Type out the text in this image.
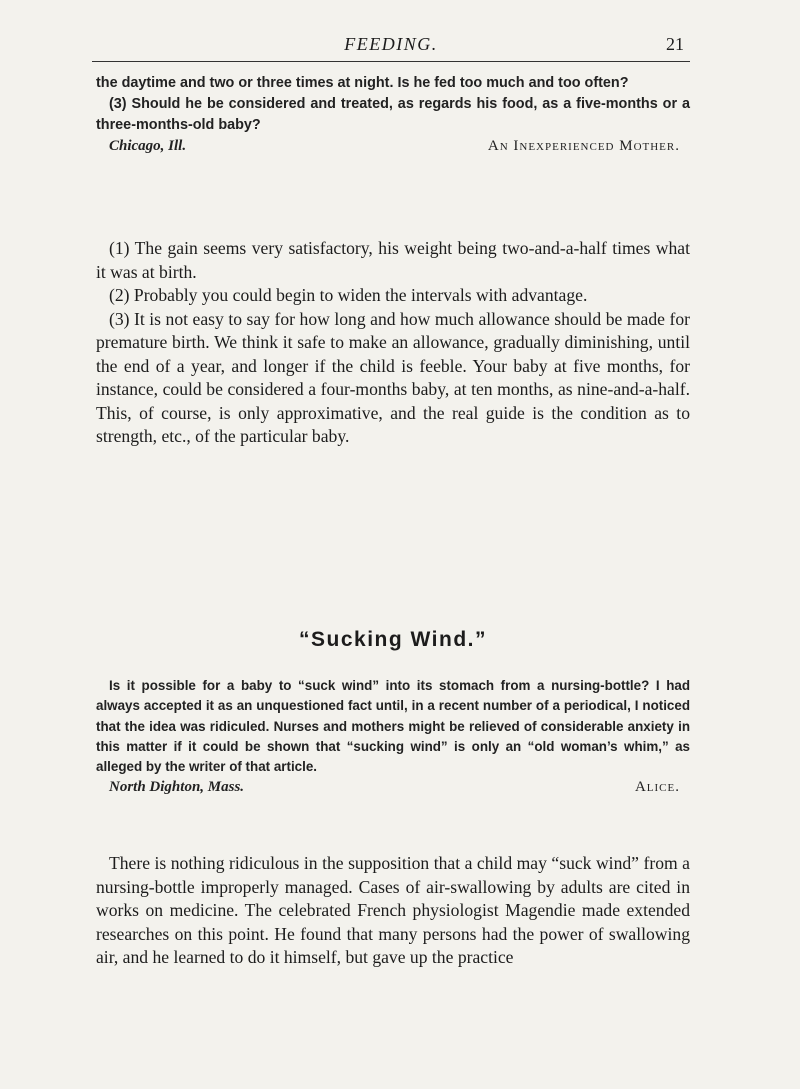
FEEDING.	21

the daytime and two or three times at night. Is he fed too much and too often?

(3) Should he be considered and treated, as regards his food, as a five-months or a three-months-old baby?

Chicago, Ill.	An Inexperienced Mother.

(1) The gain seems very satisfactory, his weight being two-and-a-half times what it was at birth.

(2) Probably you could begin to widen the intervals with advantage.

(3) It is not easy to say for how long and how much allowance should be made for premature birth. We think it safe to make an allowance, gradually diminishing, until the end of a year, and longer if the child is feeble. Your baby at five months, for instance, could be considered a four-months baby, at ten months, as nine-and-a-half. This, of course, is only approximative, and the real guide is the condition as to strength, etc., of the particular baby.

“Sucking Wind.”

Is it possible for a baby to “suck wind” into its stomach from a nursing-bottle? I had always accepted it as an unquestioned fact until, in a recent number of a periodical, I noticed that the idea was ridiculed. Nurses and mothers might be relieved of considerable anxiety in this matter if it could be shown that “sucking wind” is only an “old woman’s whim,” as alleged by the writer of that article.

North Dighton, Mass.	Alice.

There is nothing ridiculous in the supposition that a child may “suck wind” from a nursing-bottle improperly managed. Cases of air-swallowing by adults are cited in works on medicine. The celebrated French physiologist Magendie made extended researches on this point. He found that many persons had the power of swallowing air, and he learned to do it himself, but gave up the practice
